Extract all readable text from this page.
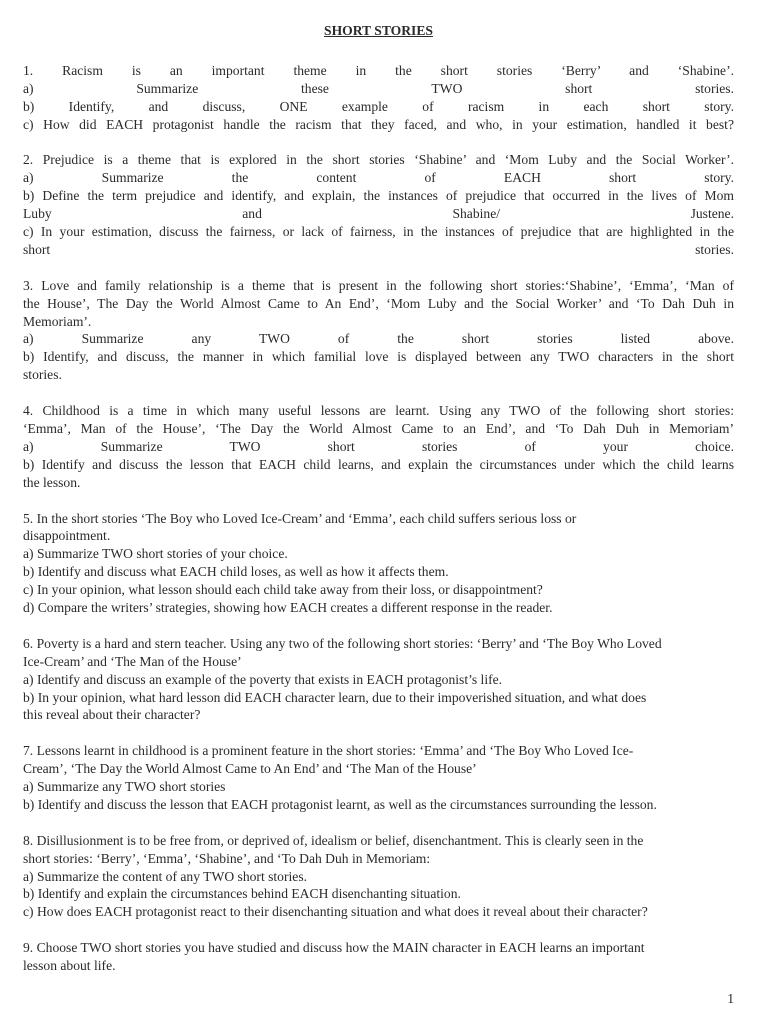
SHORT STORIES
1. Racism is an important theme in the short stories ‘Berry’ and ‘Shabine’.
a) Summarize these TWO short stories.
b) Identify, and discuss, ONE example of racism in each short story.
c) How did EACH protagonist handle the racism that they faced, and who, in your estimation, handled it best?
2. Prejudice is a theme that is explored in the short stories ‘Shabine’ and ‘Mom Luby and the Social Worker’.
a) Summarize the content of EACH short story.
b) Define the term prejudice and identify, and explain, the instances of prejudice that occurred in the lives of Mom
Luby and Shabine/ Justene.
c) In your estimation, discuss the fairness, or lack of fairness, in the instances of prejudice that are highlighted in the
short stories.
3. Love and family relationship is a theme that is present in the following short stories:‘Shabine’, ‘Emma’, ‘Man of
the House’, The Day the World Almost Came to An End’, ‘Mom Luby and the Social Worker’ and ‘To Dah Duh in
Memoriam’.
a) Summarize any TWO of the short stories listed above.
b) Identify, and discuss, the manner in which familial love is displayed between any TWO characters in the short
stories.
4. Childhood is a time in which many useful lessons are learnt. Using any TWO of the following short stories:
‘Emma’, Man of the House’, ‘The Day the World Almost Came to an End’, and ‘To Dah Duh in Memoriam’
a) Summarize TWO short stories of your choice.
b) Identify and discuss the lesson that EACH child learns, and explain the circumstances under which the child learns
the lesson.
5. In the short stories ‘The Boy who Loved Ice-Cream’ and ‘Emma’, each child suffers serious loss or
disappointment.
a) Summarize TWO short stories of your choice.
b) Identify and discuss what EACH child loses, as well as how it affects them.
c) In your opinion, what lesson should each child take away from their loss, or disappointment?
d) Compare the writers’ strategies, showing how EACH creates a different response in the reader.
6. Poverty is a hard and stern teacher. Using any two of the following short stories: ‘Berry’ and ‘The Boy Who Loved
Ice-Cream’ and ‘The Man of the House’
a) Identify and discuss an example of the poverty that exists in EACH protagonist’s life.
b) In your opinion, what hard lesson did EACH character learn, due to their impoverished situation, and what does
this reveal about their character?
7. Lessons learnt in childhood is a prominent feature in the short stories: ‘Emma’ and ‘The Boy Who Loved Ice-
Cream’, ‘The Day the World Almost Came to An End’ and ‘The Man of the House’
a) Summarize any TWO short stories
b) Identify and discuss the lesson that EACH protagonist learnt, as well as the circumstances surrounding the lesson.
8. Disillusionment is to be free from, or deprived of, idealism or belief, disenchantment. This is clearly seen in the
short stories: ‘Berry’, ‘Emma’, ‘Shabine’, and ‘To Dah Duh in Memoriam:
a) Summarize the content of any TWO short stories.
b) Identify and explain the circumstances behind EACH disenchanting situation.
c) How does EACH protagonist react to their disenchanting situation and what does it reveal about their character?
9. Choose TWO short stories you have studied and discuss how the MAIN character in EACH learns an important
lesson about life.
1
